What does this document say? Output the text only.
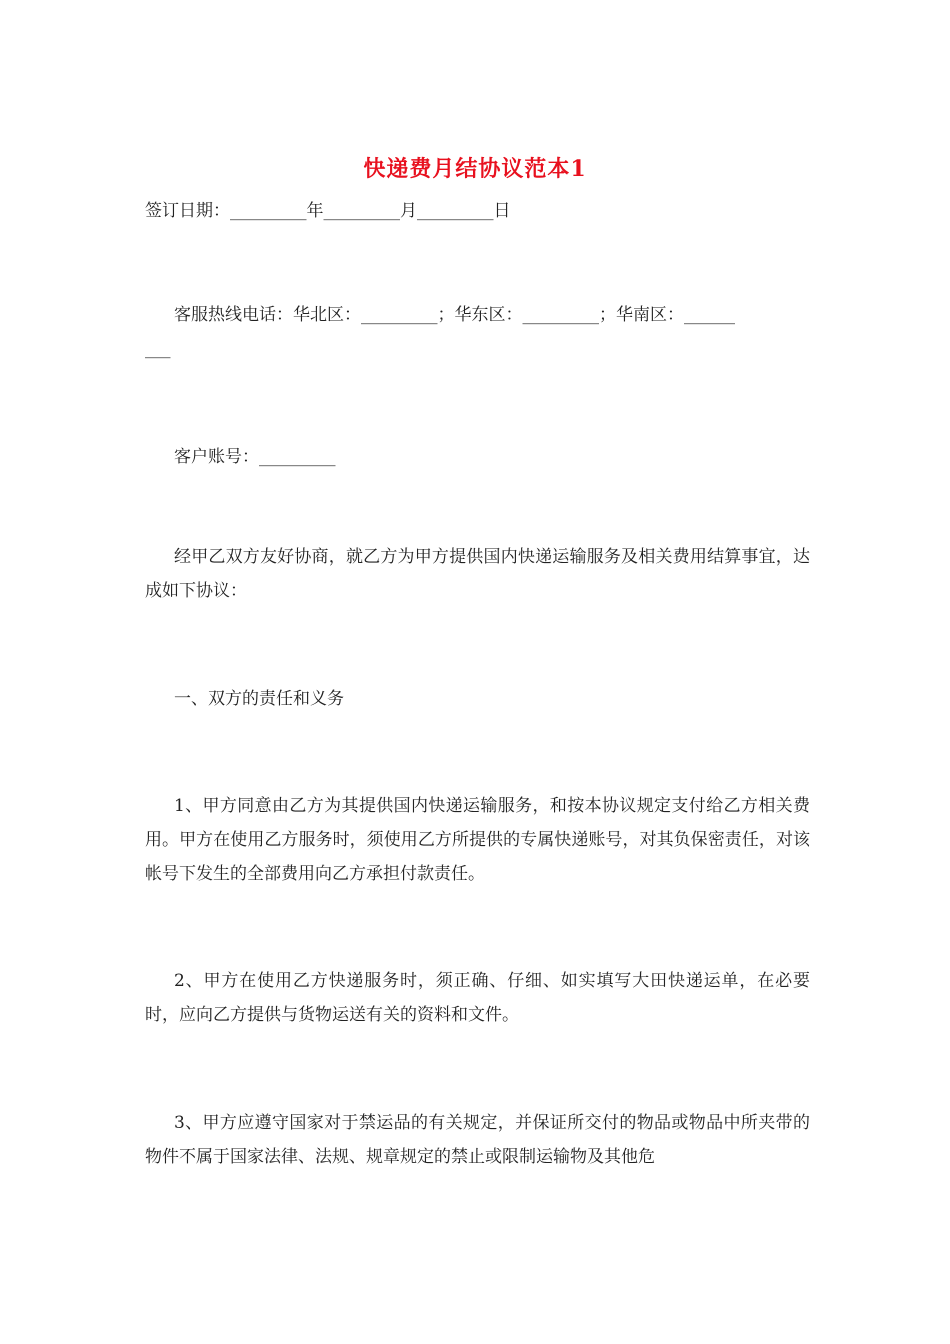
快递费月结协议范本1
签订日期：_________年_________月_________日
客服热线电话：华北区：_________；华东区：_________；华南区：______
___
客户账号：_________

经甲乙双方友好协商，就乙方为甲方提供国内快递运输服务及相关费用结算事宜，达成如下协议：

一、双方的责任和义务

1、甲方同意由乙方为其提供国内快递运输服务，和按本协议规定支付给乙方相关费用。甲方在使用乙方服务时，须使用乙方所提供的专属快递账号，对其负保密责任，对该帐号下发生的全部费用向乙方承担付款责任。

2、甲方在使用乙方快递服务时，须正确、仔细、如实填写大田快递运单，在必要时，应向乙方提供与货物运送有关的资料和文件。

3、甲方应遵守国家对于禁运品的有关规定，并保证所交付的物品或物品中所夹带的物件不属于国家法律、法规、规章规定的禁止或限制运输物及其他危
